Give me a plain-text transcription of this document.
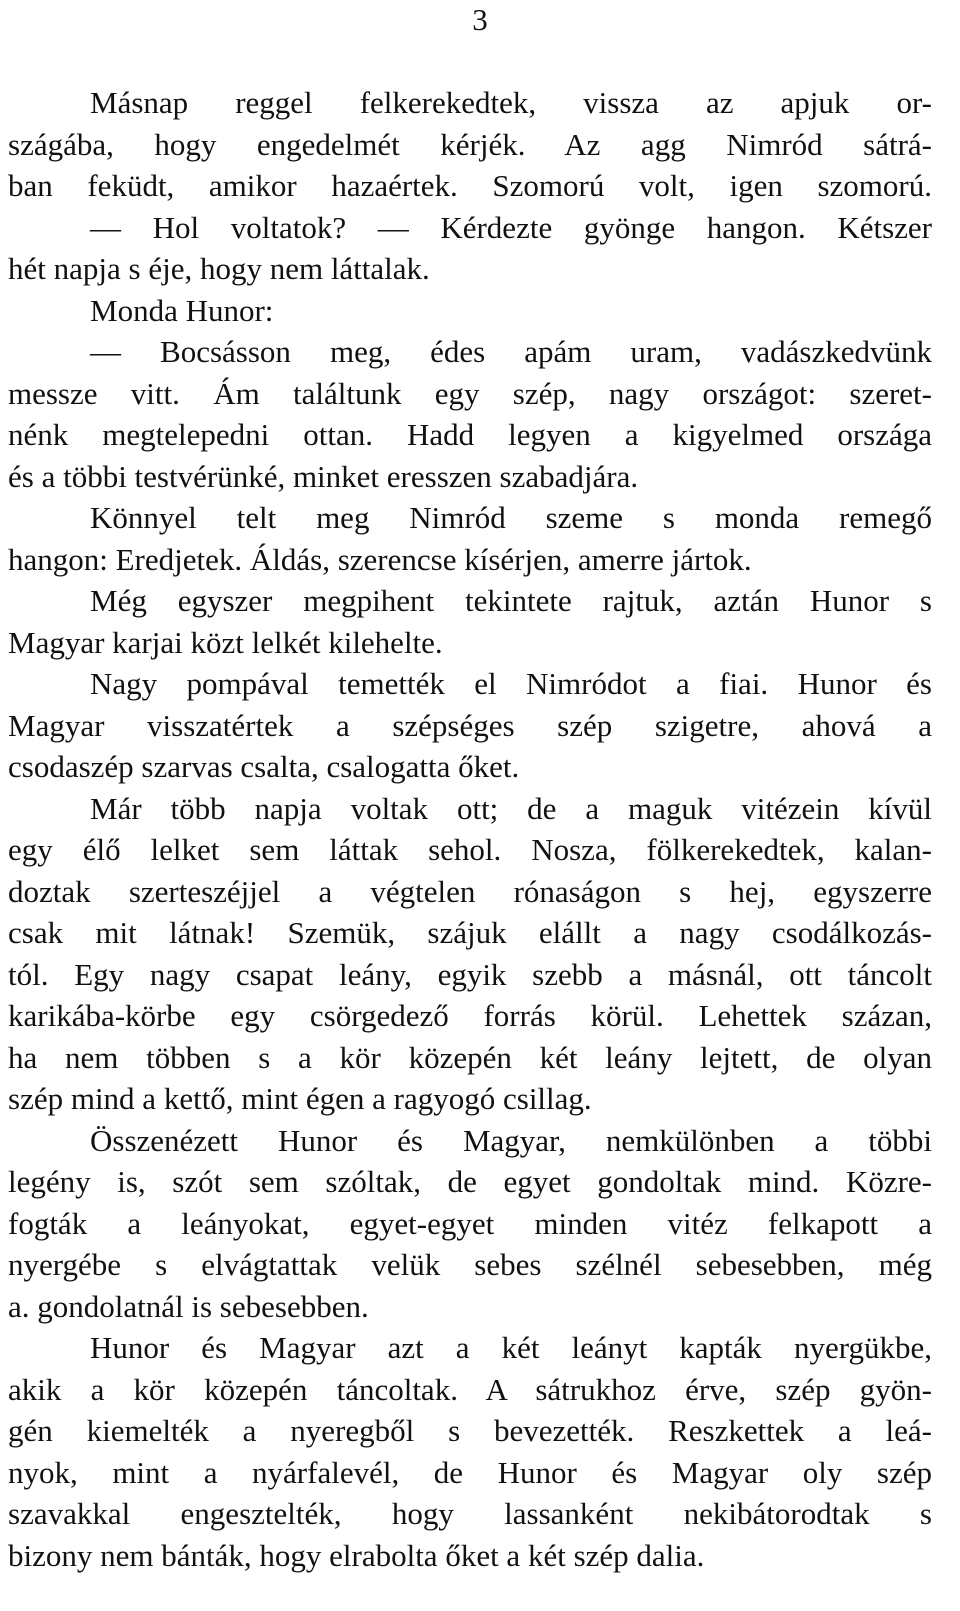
3
Másnap reggel felkerekedtek, vissza az apjuk or-
szágába, hogy engedelmét kérjék. Az agg Nimród sátrá-
ban feküdt, amikor hazaértek. Szomorú volt, igen szomorú.
— Hol voltatok? — Kérdezte gyönge hangon. Kétszer
hét napja s éje, hogy nem láttalak.
Monda Hunor:
— Bocsásson meg, édes apám uram, vadászkedvünk
messze vitt. Ám találtunk egy szép, nagy országot: szeret-
nénk megtelepedni ottan. Hadd legyen a kigyelmed országa
és a többi testvérünké, minket eresszen szabadjára.
Könnyel telt meg Nimród szeme s monda remegő
hangon: Eredjetek. Áldás, szerencse kísérjen, amerre jártok.
Még egyszer megpihent tekintete rajtuk, aztán Hunor s
Magyar karjai közt lelkét kilehelte.
Nagy pompával temették el Nimródot a fiai. Hunor és
Magyar visszatértek a szépséges szép szigetre, ahová a
csodaszép szarvas csalta, csalogatta őket.
Már több napja voltak ott; de a maguk vitézein kívül
egy élő lelket sem láttak sehol. Nosza, fölkerekedtek, kalan-
doztak szerteszéjjel a végtelen rónaságon s hej, egyszerre
csak mit látnak! Szemük, szájuk elállt a nagy csodálkozás-
tól. Egy nagy csapat leány, egyik szebb a másnál, ott táncolt
karikába-körbe egy csörgedező forrás körül. Lehettek százan,
ha nem többen s a kör közepén két leány lejtett, de olyan
szép mind a kettő, mint égen a ragyogó csillag.
Összenézett Hunor és Magyar, nemkülönben a többi
legény is, szót sem szóltak, de egyet gondoltak mind. Közre-
fogták a leányokat, egyet-egyet minden vitéz felkapott a
nyergébe s elvágtattak velük sebes szélnél sebesebben, még
a. gondolatnál is sebesebben.
Hunor és Magyar azt a két leányt kapták nyergükbe,
akik a kör közepén táncoltak. A sátrukhoz érve, szép gyön-
gén kiemelték a nyeregből s bevezették. Reszkettek a leá-
nyok, mint a nyárfalevél, de Hunor és Magyar oly szép
szavakkal engesztelték, hogy lassanként nekibátorodtak s
bizony nem bánták, hogy elrabolta őket a két szép dalia.
